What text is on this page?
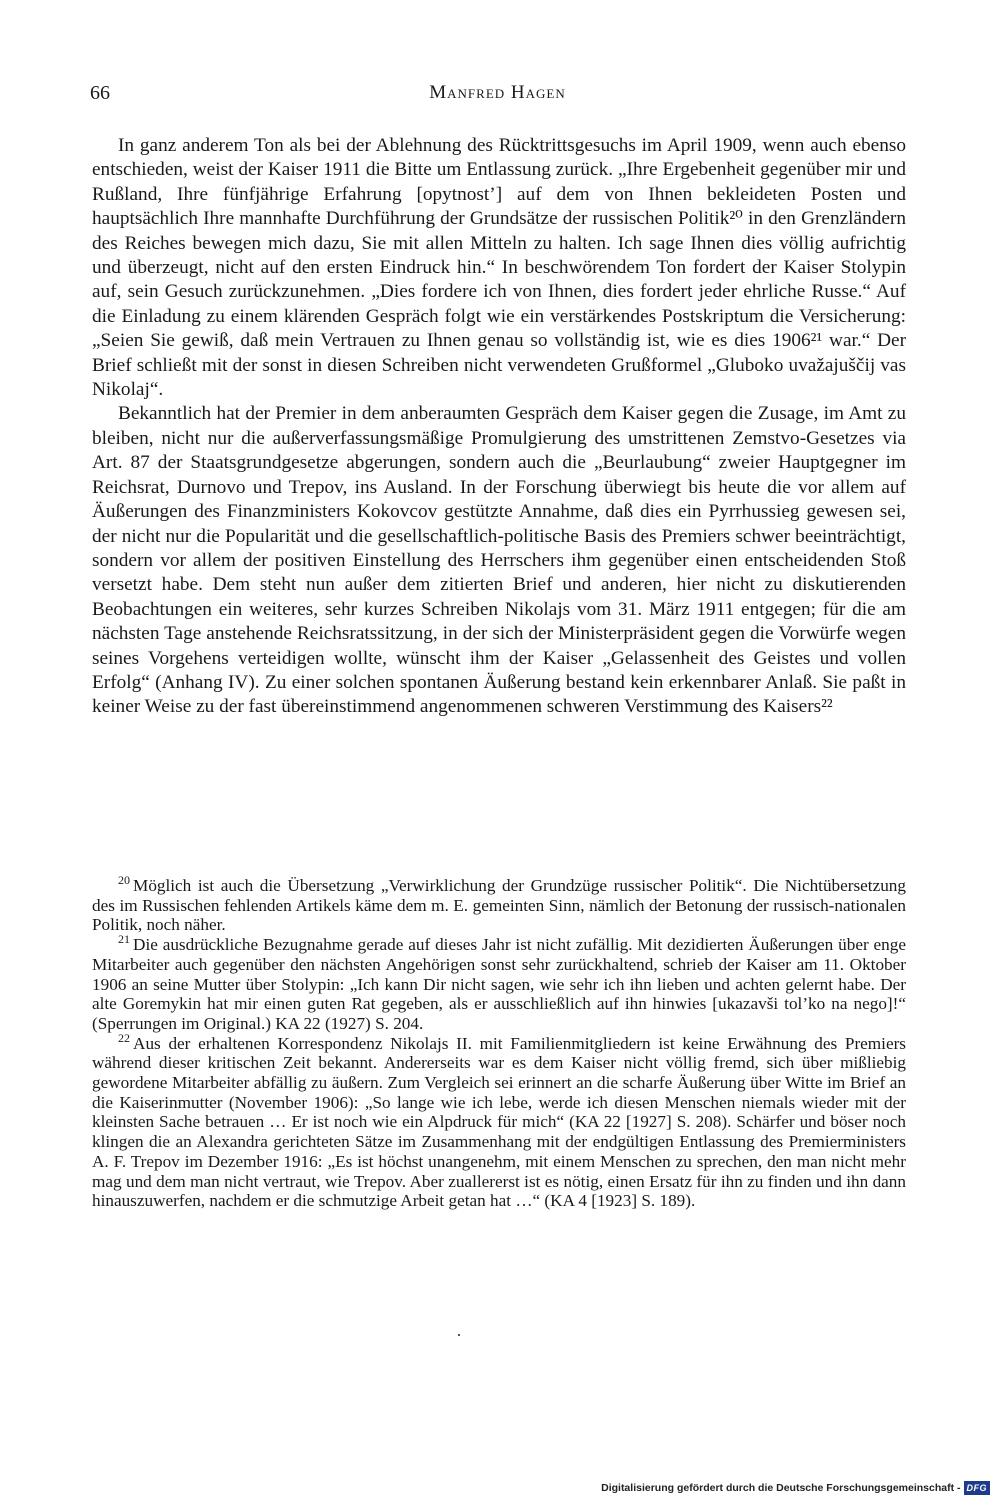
66	Manfred Hagen

In ganz anderem Ton als bei der Ablehnung des Rücktrittsgesuchs im April 1909, wenn auch ebenso entschieden, weist der Kaiser 1911 die Bitte um Entlassung zurück. „Ihre Ergebenheit gegenüber mir und Rußland, Ihre fünfjährige Erfahrung [opytnost’] auf dem von Ihnen bekleideten Posten und hauptsächlich Ihre mannhafte Durchführung der Grundsätze der russischen Politik²⁰ in den Grenzländern des Reiches bewegen mich dazu, Sie mit allen Mitteln zu halten. Ich sage Ihnen dies völlig aufrichtig und überzeugt, nicht auf den ersten Eindruck hin.“ In beschwörendem Ton fordert der Kaiser Stolypin auf, sein Gesuch zurückzunehmen. „Dies fordere ich von Ihnen, dies fordert jeder ehrliche Russe.“ Auf die Einladung zu einem klärenden Gespräch folgt wie ein verstärkendes Postskriptum die Versicherung: „Seien Sie gewiß, daß mein Vertrauen zu Ihnen genau so vollständig ist, wie es dies 1906²¹ war.“ Der Brief schließt mit der sonst in diesen Schreiben nicht verwendeten Grußformel „Gluboko uvažajuščij vas Nikolaj“.

Bekanntlich hat der Premier in dem anberaumten Gespräch dem Kaiser gegen die Zusage, im Amt zu bleiben, nicht nur die außerverfassungsmäßige Promulgierung des umstrittenen Zemstvo-Gesetzes via Art. 87 der Staatsgrundgesetze abgerungen, sondern auch die „Beurlaubung“ zweier Hauptgegner im Reichsrat, Durnovo und Trepov, ins Ausland. In der Forschung überwiegt bis heute die vor allem auf Äußerungen des Finanzministers Kokovcov gestützte Annahme, daß dies ein Pyrrhussieg gewesen sei, der nicht nur die Popularität und die gesellschaftlich-politische Basis des Premiers schwer beeinträchtigt, sondern vor allem der positiven Einstellung des Herrschers ihm gegenüber einen entscheidenden Stoß versetzt habe. Dem steht nun außer dem zitierten Brief und anderen, hier nicht zu diskutierenden Beobachtungen ein weiteres, sehr kurzes Schreiben Nikolajs vom 31. März 1911 entgegen; für die am nächsten Tage anstehende Reichsratssitzung, in der sich der Ministerpräsident gegen die Vorwürfe wegen seines Vorgehens verteidigen wollte, wünscht ihm der Kaiser „Gelassenheit des Geistes und vollen Erfolg“ (Anhang IV). Zu einer solchen spontanen Äußerung bestand kein erkennbarer Anlaß. Sie paßt in keiner Weise zu der fast übereinstimmend angenommenen schweren Verstimmung des Kaisers²²

$^{20}$ Möglich ist auch die Übersetzung „Verwirklichung der Grundzüge russischer Politik“. Die Nichtübersetzung des im Russischen fehlenden Artikels käme dem m. E. gemeinten Sinn, nämlich der Betonung der russisch-nationalen Politik, noch näher.

$^{21}$ Die ausdrückliche Bezugnahme gerade auf dieses Jahr ist nicht zufällig. Mit dezidierten Äußerungen über enge Mitarbeiter auch gegenüber den nächsten Angehörigen sonst sehr zurückhaltend, schrieb der Kaiser am 11. Oktober 1906 an seine Mutter über Stolypin: „Ich kann Dir nicht sagen, wie sehr ich ihn lieben und achten gelernt habe. Der alte Goremykin hat mir einen guten Rat gegeben, als er ausschließlich auf ihn hinwies [ukazavši tol’ko na nego]!“ (Sperrungen im Original.) KA 22 (1927) S. 204.

$^{22}$ Aus der erhaltenen Korrespondenz Nikolajs II. mit Familienmitgliedern ist keine Erwähnung des Premiers während dieser kritischen Zeit bekannt. Andererseits war es dem Kaiser nicht völlig fremd, sich über mißliebig gewordene Mitarbeiter abfällig zu äußern. Zum Vergleich sei erinnert an die scharfe Äußerung über Witte im Brief an die Kaiserinmutter (November 1906): „So lange wie ich lebe, werde ich diesen Menschen niemals wieder mit der kleinsten Sache betrauen … Er ist noch wie ein Alpdruck für mich“ (KA 22 [1927] S. 208). Schärfer und böser noch klingen die an Alexandra gerichteten Sätze im Zusammenhang mit der endgültigen Entlassung des Premierministers A. F. Trepov im Dezember 1916: „Es ist höchst unangenehm, mit einem Menschen zu sprechen, den man nicht mehr mag und dem man nicht vertraut, wie Trepov. Aber zuallererst ist es nötig, einen Ersatz für ihn zu finden und ihn dann hinauszuwerfen, nachdem er die schmutzige Arbeit getan hat …“ (KA 4 [1923] S. 189).

Digitalisierung gefördert durch die Deutsche Forschungsgemeinschaft - DFG
